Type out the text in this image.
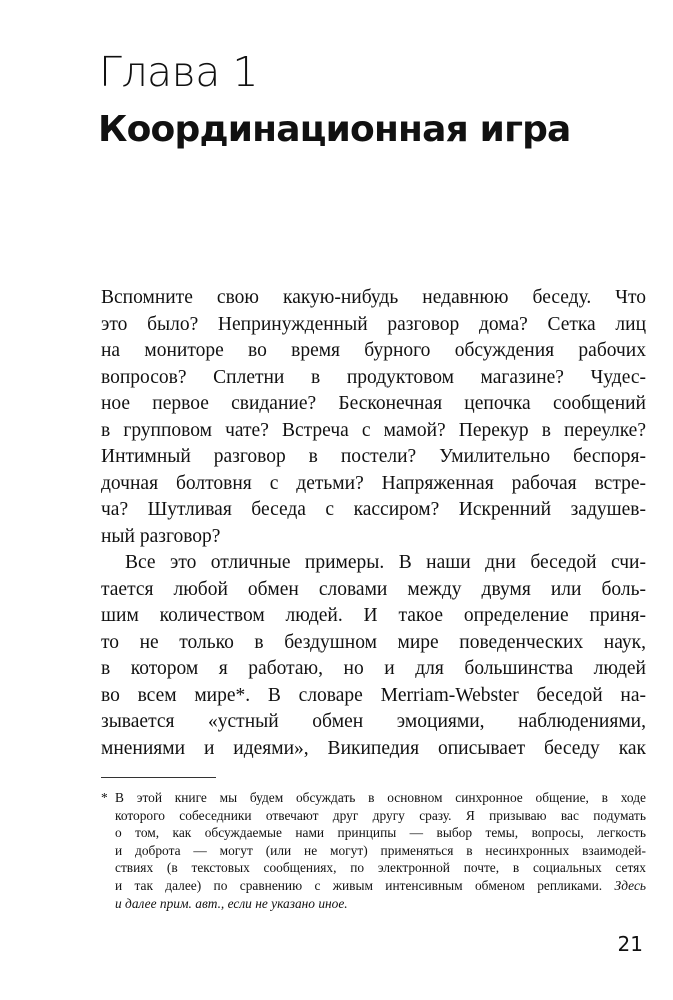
Глава 1
Координационная игра
Вспомните свою какую-нибудь недавнюю беседу. Что
это было? Непринужденный разговор дома? Сетка лиц
на мониторе во время бурного обсуждения рабочих
вопросов? Сплетни в продуктовом магазине? Чудес-
ное первое свидание? Бесконечная цепочка сообщений
в групповом чате? Встреча с мамой? Перекур в переулке?
Интимный разговор в постели? Умилительно беспоря-
дочная болтовня с детьми? Напряженная рабочая встре-
ча? Шутливая беседа с кассиром? Искренний задушев-
ный разговор?
Все это отличные примеры. В наши дни беседой счи-
тается любой обмен словами между двумя или боль-
шим количеством людей. И такое определение приня-
то не только в бездушном мире поведенческих наук,
в котором я работаю, но и для большинства людей
во всем мире*. В словаре Merriam-Webster беседой на-
зывается «устный обмен эмоциями, наблюдениями,
мнениями и идеями», Википедия описывает беседу как
* В этой книге мы будем обсуждать в основном синхронное общение, в ходе
которого собеседники отвечают друг другу сразу. Я призываю вас подумать
о том, как обсуждаемые нами принципы — выбор темы, вопросы, легкость
и доброта — могут (или не могут) применяться в несинхронных взаимодей-
ствиях (в текстовых сообщениях, по электронной почте, в социальных сетях
и так далее) по сравнению с живым интенсивным обменом репликами. Здесь
и далее прим. авт., если не указано иное.
21
